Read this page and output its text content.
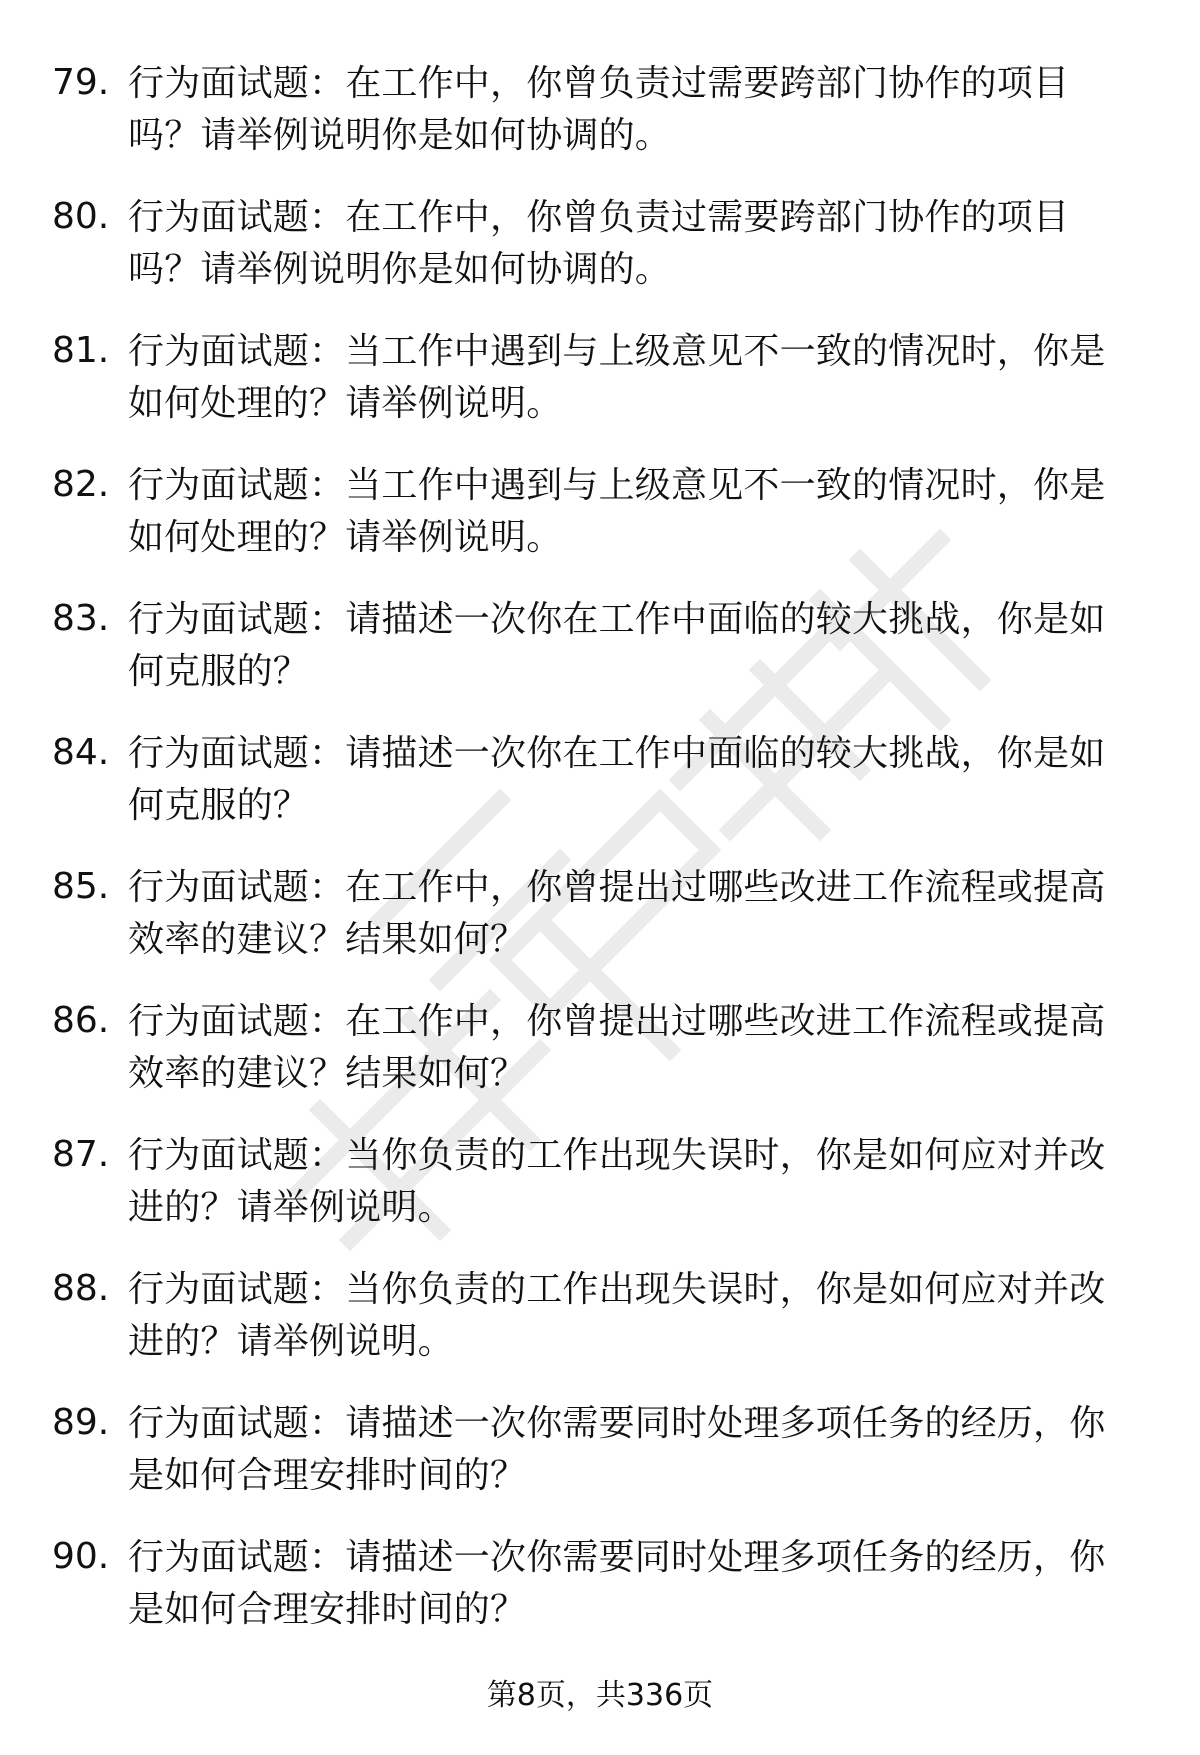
79. 行为面试题：在工作中，你曾负责过需要跨部门协作的项目吗？请举例说明你是如何协调的。
80. 行为面试题：在工作中，你曾负责过需要跨部门协作的项目吗？请举例说明你是如何协调的。
81. 行为面试题：当工作中遇到与上级意见不一致的情况时，你是如何处理的？请举例说明。
82. 行为面试题：当工作中遇到与上级意见不一致的情况时，你是如何处理的？请举例说明。
83. 行为面试题：请描述一次你在工作中面临的较大挑战，你是如何克服的？
84. 行为面试题：请描述一次你在工作中面临的较大挑战，你是如何克服的？
85. 行为面试题：在工作中，你曾提出过哪些改进工作流程或提高效率的建议？结果如何？
86. 行为面试题：在工作中，你曾提出过哪些改进工作流程或提高效率的建议？结果如何？
87. 行为面试题：当你负责的工作出现失误时，你是如何应对并改进的？请举例说明。
88. 行为面试题：当你负责的工作出现失误时，你是如何应对并改进的？请举例说明。
89. 行为面试题：请描述一次你需要同时处理多项任务的经历，你是如何合理安排时间的？
90. 行为面试题：请描述一次你需要同时处理多项任务的经历，你是如何合理安排时间的？
第8页，共336页
